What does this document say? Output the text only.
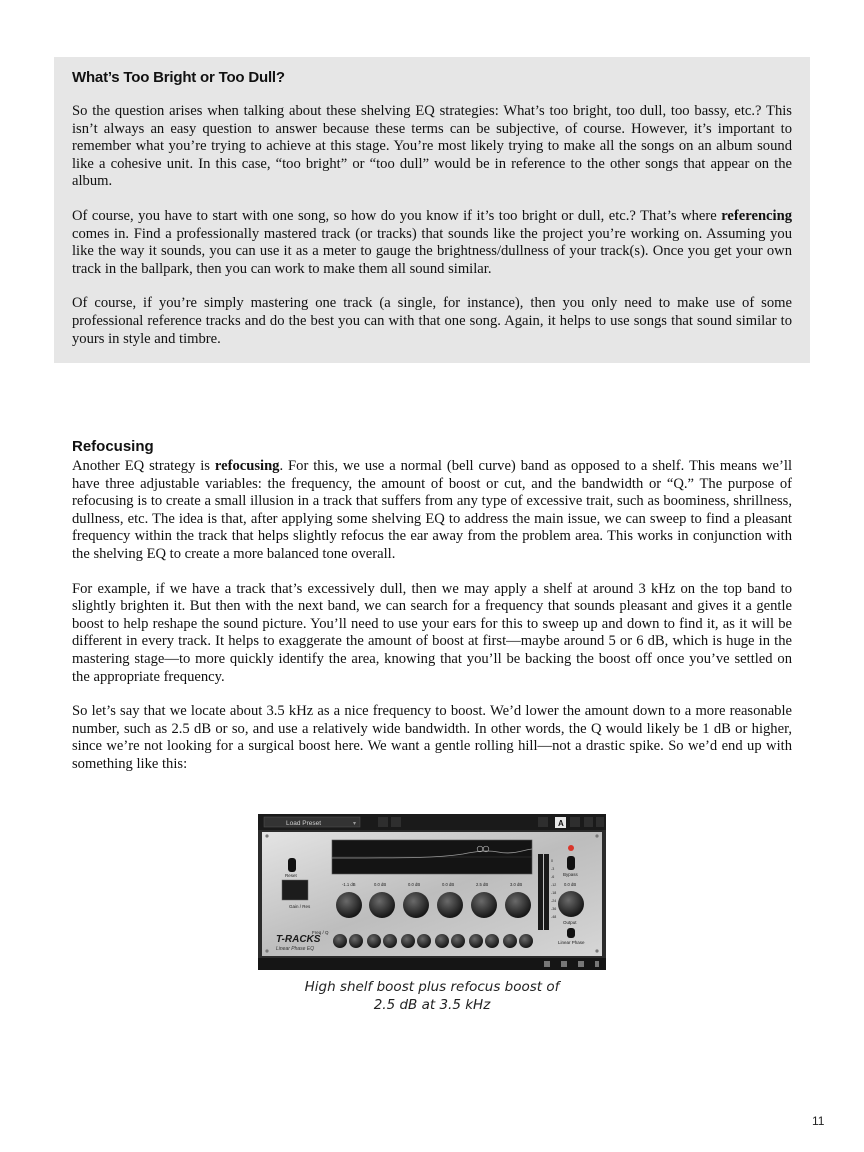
What’s Too Bright or Too Dull?

So the question arises when talking about these shelving EQ strategies: What’s too bright, too dull, too bassy, etc.? This isn’t always an easy question to answer because these terms can be subjective, of course. However, it’s important to remember what you’re trying to achieve at this stage. You’re most likely trying to make all the songs on an album sound like a cohesive unit. In this case, “too bright” or “too dull” would be in reference to the other songs that appear on the album.

Of course, you have to start with one song, so how do you know if it’s too bright or dull, etc.? That’s where referencing comes in. Find a professionally mastered track (or tracks) that sounds like the project you’re working on. Assuming you like the way it sounds, you can use it as a meter to gauge the brightness/dullness of your track(s). Once you get your own track in the ballpark, then you can work to make them all sound similar.

Of course, if you’re simply mastering one track (a single, for instance), then you only need to make use of some professional reference tracks and do the best you can with that one song. Again, it helps to use songs that sound similar to yours in style and timbre.

Refocusing

Another EQ strategy is refocusing. For this, we use a normal (bell curve) band as opposed to a shelf. This means we’ll have three adjustable variables: the frequency, the amount of boost or cut, and the bandwidth or “Q.” The purpose of refocusing is to create a small illusion in a track that suffers from any type of excessive trait, such as boominess, shrillness, dullness, etc. The idea is that, after applying some shelving EQ to address the main issue, we can sweep to find a pleasant frequency within the track that helps slightly refocus the ear away from the problem area. This works in conjunction with the shelving EQ to create a more balanced tone overall.

For example, if we have a track that’s excessively dull, then we may apply a shelf at around 3 kHz on the top band to slightly brighten it. But then with the next band, we can search for a frequency that sounds pleasant and gives it a gentle boost to help reshape the sound picture. You’ll need to use your ears for this to sweep up and down to find it, as it will be different in every track. It helps to exaggerate the amount of boost at first—maybe around 5 or 6 dB, which is huge in the mastering stage—to more quickly identify the area, knowing that you’ll be backing the boost off once you’ve settled on the appropriate frequency.

So let’s say that we locate about 3.5 kHz as a nice frequency to boost. We’d lower the amount down to a more reasonable number, such as 2.5 dB or so, and use a relatively wide bandwidth. In other words, the Q would likely be 1 dB or higher, since we’re not looking for a surgical boost here. We want a gentle rolling hill—not a drastic spike. So we’d end up with something like this:

Load Preset	▾	A
Reset
Gain / Res
Freq / Q
T-RACKS
Linear Phase EQ
-1.1 dB	0.0 dB	0.0 dB	0.0 dB	2.5 dB	3.0 dB
0
-3
-6
-12
-18
-24
-36
-48
Bypass
0.0 dB
Output
Linear Phase
High shelf boost plus refocus boost of
2.5 dB at 3.5 kHz
11
